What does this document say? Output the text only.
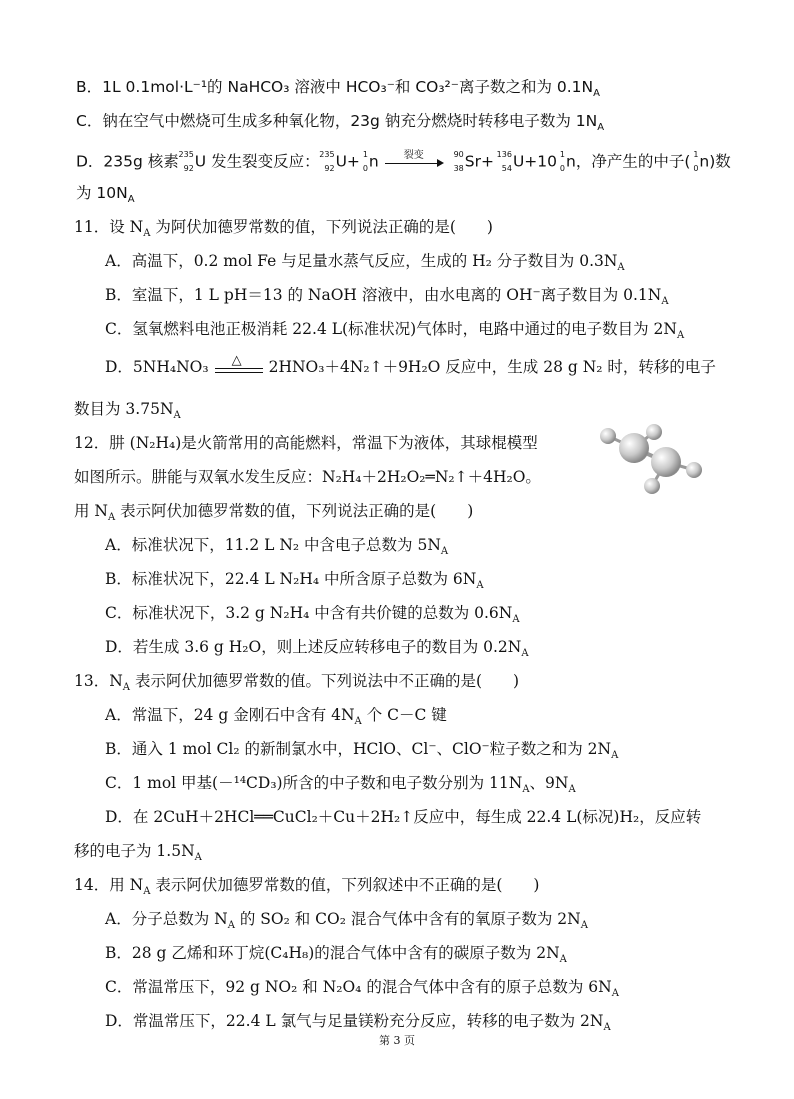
B．1L 0.1mol·L⁻¹的 NaHCO₃ 溶液中 HCO₃⁻和 CO₃²⁻离子数之和为 $0.1N_A$
C．钠在空气中燃烧可生成多种氧化物，23g 钠充分燃烧时转移电子数为 $1N_A$
D．235g 核素 235
92 U 发生裂变反应： 235
92 U+ 1
0 n	裂变	90
38 Sr+ 136
54 U+10 1
0 n，净产生的中子( 1
0 n)数
为 $10N_A$
11．设 $N_A$ 为阿伏加德罗常数的值，下列说法正确的是(　　)
A．高温下，0.2 mol Fe 与足量水蒸气反应，生成的 H₂ 分子数目为 $0.3N_A$
B．室温下，1 L pH＝13 的 NaOH 溶液中，由水电离的 OH⁻离子数目为 $0.1N_A$
C．氢氧燃料电池正极消耗 22.4 L(标准状况)气体时，电路中通过的电子数目为 $2N_A$
D．5NH₄NO₃ △ 2HNO₃＋4N₂↑＋9H₂O 反应中，生成 28 g N₂ 时，转移的电子
数目为 $3.75N_A$
12．肼 (N₂H₄)是火箭常用的高能燃料，常温下为液体，其球棍模型
如图所示。肼能与双氧水发生反应：N₂H₄＋2H₂O₂═N₂↑＋4H₂O。
用 $N_A$ 表示阿伏加德罗常数的值，下列说法正确的是(　　)
A．标准状况下，11.2 L N₂ 中含电子总数为 $5N_A$
B．标准状况下，22.4 L N₂H₄ 中所含原子总数为 $6N_A$
C．标准状况下，3.2 g N₂H₄ 中含有共价键的总数为 $0.6N_A$
D．若生成 3.6 g H₂O，则上述反应转移电子的数目为 $0.2N_A$
13．$N_A$ 表示阿伏加德罗常数的值。下列说法中不正确的是(　　)
A．常温下，24 g 金刚石中含有 $4N_A$ 个 C－C 键
B．通入 1 mol Cl₂ 的新制氯水中，HClO、Cl⁻、ClO⁻粒子数之和为 $2N_A$
C．1 mol 甲基(－¹⁴CD₃)所含的中子数和电子数分别为 $11N_A$、$9N_A$
D．在 2CuH＋2HCl══CuCl₂＋Cu＋2H₂↑反应中，每生成 22.4 L(标况)H₂，反应转
移的电子为 $1.5N_A$
14．用 $N_A$ 表示阿伏加德罗常数的值，下列叙述中不正确的是(　　)
A．分子总数为 $N_A$ 的 SO₂ 和 CO₂ 混合气体中含有的氧原子数为 $2N_A$
B．28 g 乙烯和环丁烷(C₄H₈)的混合气体中含有的碳原子数为 $2N_A$
C．常温常压下，92 g NO₂ 和 N₂O₄ 的混合气体中含有的原子总数为 $6N_A$
D．常温常压下，22.4 L 氯气与足量镁粉充分反应，转移的电子数为 $2N_A$
第 3 页
